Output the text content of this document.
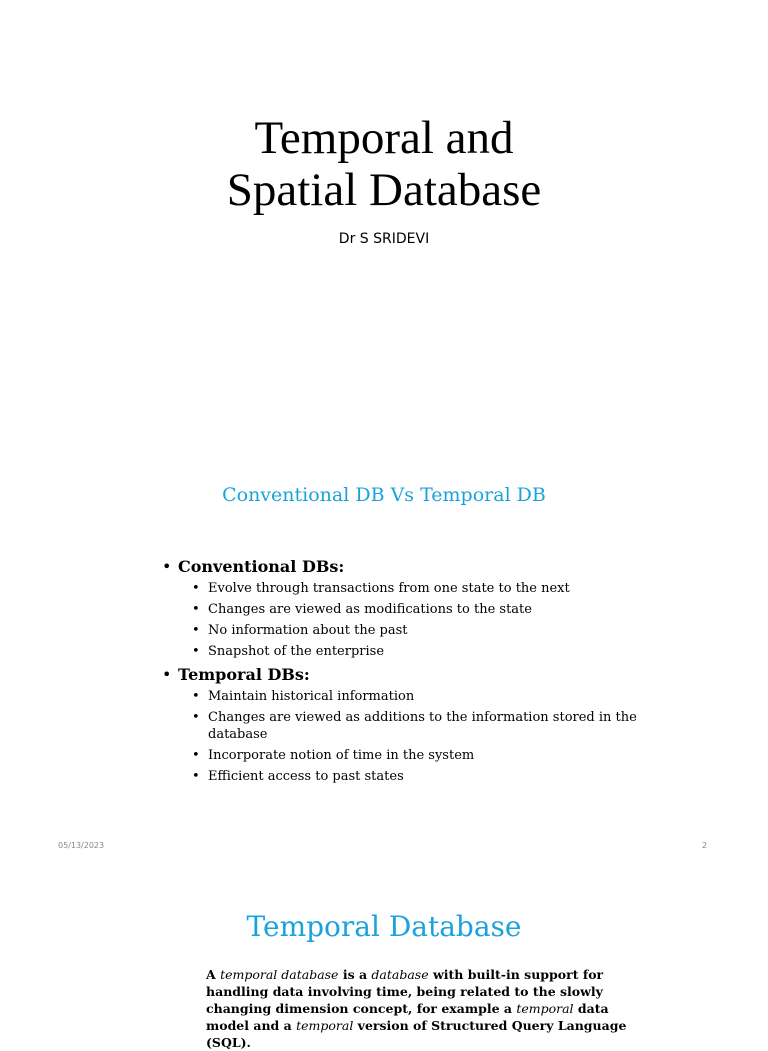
Temporal and
Spatial Database
Dr S SRIDEVI
Conventional DB Vs Temporal DB
• Conventional DBs:
• Evolve through transactions from one state to the next
• Changes are viewed as modifications to the state
• No information about the past
• Snapshot of the enterprise
• Temporal DBs:
• Maintain historical information
• Changes are viewed as additions to the information stored in the database
• Incorporate notion of time in the system
• Efficient access to past states
05/13/2023	2
Temporal Database
A temporal database is a database with built-in support for handling data involving time, being related to the slowly changing dimension concept, for example a temporal data model and a temporal version of Structured Query Language (SQL).
